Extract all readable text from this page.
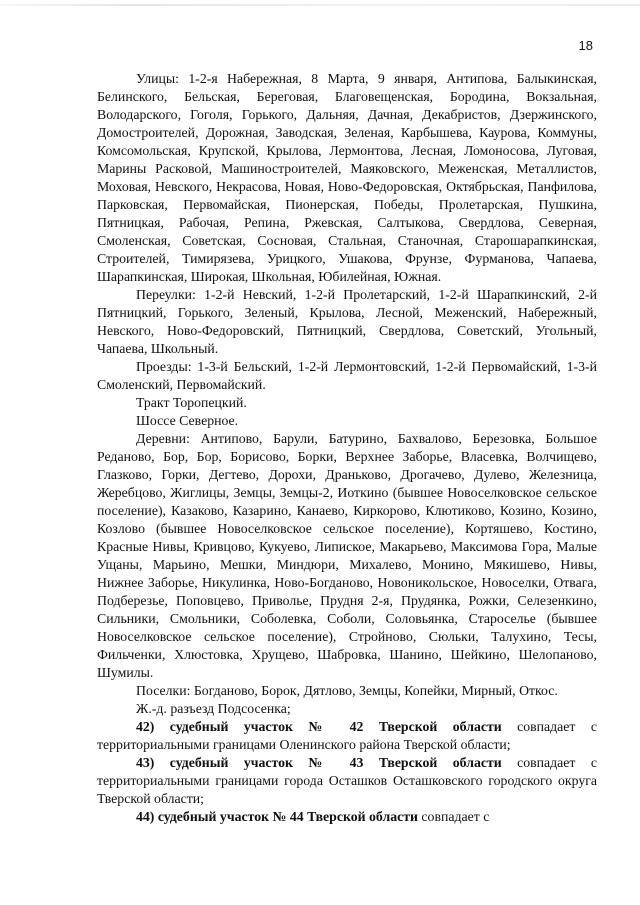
18

Улицы: 1-2-я Набережная, 8 Марта, 9 января, Антипова, Балыкинская, Белинского, Бельская, Береговая, Благовещенская, Бородина, Вокзальная, Володарского, Гоголя, Горького, Дальняя, Дачная, Декабристов, Дзержинского, Домостроителей, Дорожная, Заводская, Зеленая, Карбышева, Каурова, Коммуны, Комсомольская, Крупской, Крылова, Лермонтова, Лесная, Ломоносова, Луговая, Марины Расковой, Машиностроителей, Маяковского, Меженская, Металлистов, Моховая, Невского, Некрасова, Новая, Ново-Федоровская, Октябрьская, Панфилова, Парковская, Первомайская, Пионерская, Победы, Пролетарская, Пушкина, Пятницкая, Рабочая, Репина, Ржевская, Салтыкова, Свердлова, Северная, Смоленская, Советская, Сосновая, Стальная, Станочная, Старошарапкинская, Строителей, Тимирязева, Урицкого, Ушакова, Фрунзе, Фурманова, Чапаева, Шарапкинская, Широкая, Школьная, Юбилейная, Южная.

Переулки: 1-2-й Невский, 1-2-й Пролетарский, 1-2-й Шарапкинский, 2-й Пятницкий, Горького, Зеленый, Крылова, Лесной, Меженский, Набережный, Невского, Ново-Федоровский, Пятницкий, Свердлова, Советский, Угольный, Чапаева, Школьный.

Проезды: 1-3-й Бельский, 1-2-й Лермонтовский, 1-2-й Первомайский, 1-3-й Смоленский, Первомайский.

Тракт Торопецкий.

Шоссе Северное.

Деревни: Антипово, Барули, Батурино, Бахвалово, Березовка, Большое Реданово, Бор, Бор, Борисово, Борки, Верхнее Заборье, Власевка, Волчищево, Глазково, Горки, Дегтево, Дорохи, Драньково, Дрогачево, Дулево, Железница, Жеребцово, Жиглицы, Земцы, Земцы-2, Иоткино (бывшее Новоселковское сельское поселение), Казаково, Казарино, Канаево, Киркорово, Клютиково, Козино, Козино, Козлово (бывшее Новоселковское сельское поселение), Кортяшево, Костино, Красные Нивы, Кривцово, Кукуево, Липиское, Макарьево, Максимова Гора, Малые Ущаны, Марьино, Мешки, Миндюри, Михалево, Монино, Мякишево, Нивы, Нижнее Заборье, Никулинка, Ново-Богданово, Новоникольское, Новоселки, Отвага, Подберезье, Поповцево, Приволье, Прудня 2-я, Прудянка, Рожки, Селезенкино, Сильники, Смольники, Соболевка, Соболи, Соловьянка, Староселье (бывшее Новоселковское сельское поселение), Стройново, Сюльки, Талухино, Тесы, Фильченки, Хлюстовка, Хрущево, Шабровка, Шанино, Шейкино, Шелопаново, Шумилы.

Поселки: Богданово, Борок, Дятлово, Земцы, Копейки, Мирный, Откос.

Ж.-д. разъезд Подсосенка;

42) судебный участок № 42 Тверской области совпадает с территориальными границами Оленинского района Тверской области;

43) судебный участок № 43 Тверской области совпадает с территориальными границами города Осташков Осташковского городского округа Тверской области;

44) судебный участок № 44 Тверской области совпадает с
